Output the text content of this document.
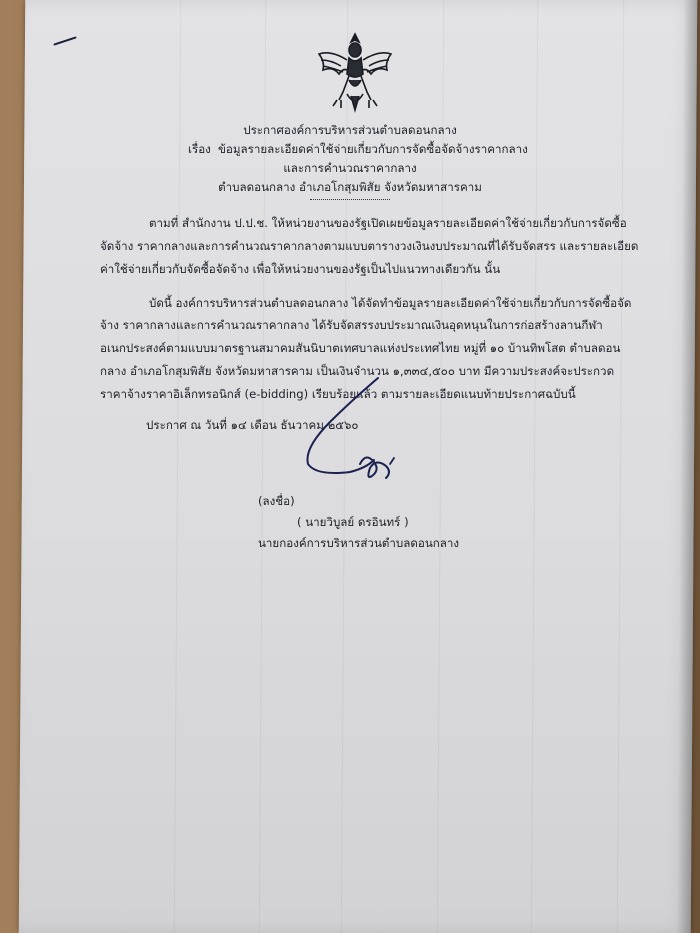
ประกาศองค์การบริหารส่วนตำบลดอนกลาง
เรื่อง ข้อมูลรายละเอียดค่าใช้จ่ายเกี่ยวกับการจัดซื้อจัดจ้างราคากลาง
และการคำนวณราคากลาง
ตำบลดอนกลาง อำเภอโกสุมพิสัย จังหวัดมหาสารคาม
ตามที่ สำนักงาน ป.ป.ช. ให้หน่วยงานของรัฐเปิดเผยข้อมูลรายละเอียดค่าใช้จ่ายเกี่ยวกับการจัดซื้อ
จัดจ้าง ราคากลางและการคำนวณราคากลางตามแบบตารางวงเงินงบประมาณที่ได้รับจัดสรร และรายละเอียด
ค่าใช้จ่ายเกี่ยวกับจัดซื้อจัดจ้าง เพื่อให้หน่วยงานของรัฐเป็นไปแนวทางเดียวกัน นั้น
บัดนี้ องค์การบริหารส่วนตำบลดอนกลาง ได้จัดทำข้อมูลรายละเอียดค่าใช้จ่ายเกี่ยวกับการจัดซื้อจัด
จ้าง ราคากลางและการคำนวณราคากลาง ได้รับจัดสรรงบประมาณเงินอุดหนุนในการก่อสร้างลานกีฬา
อเนกประสงค์ตามแบบมาตรฐานสมาคมสันนิบาตเทศบาลแห่งประเทศไทย หมู่ที่ ๑๐ บ้านทิพโสต ตำบลดอน
กลาง อำเภอโกสุมพิสัย จังหวัดมหาสารคาม เป็นเงินจำนวน ๑,๓๓๔,๕๐๐ บาท มีความประสงค์จะประกวด
ราคาจ้างราคาอิเล็กทรอนิกส์ (e-bidding) เรียบร้อยแล้ว ตามรายละเอียดแนบท้ายประกาศฉบับนี้
ประกาศ ณ วันที่ ๑๔ เดือน ธันวาคม ๒๕๖๐
(ลงชื่อ)
( นายวิบูลย์ ดรอินทร์ )
นายกองค์การบริหารส่วนตำบลดอนกลาง
